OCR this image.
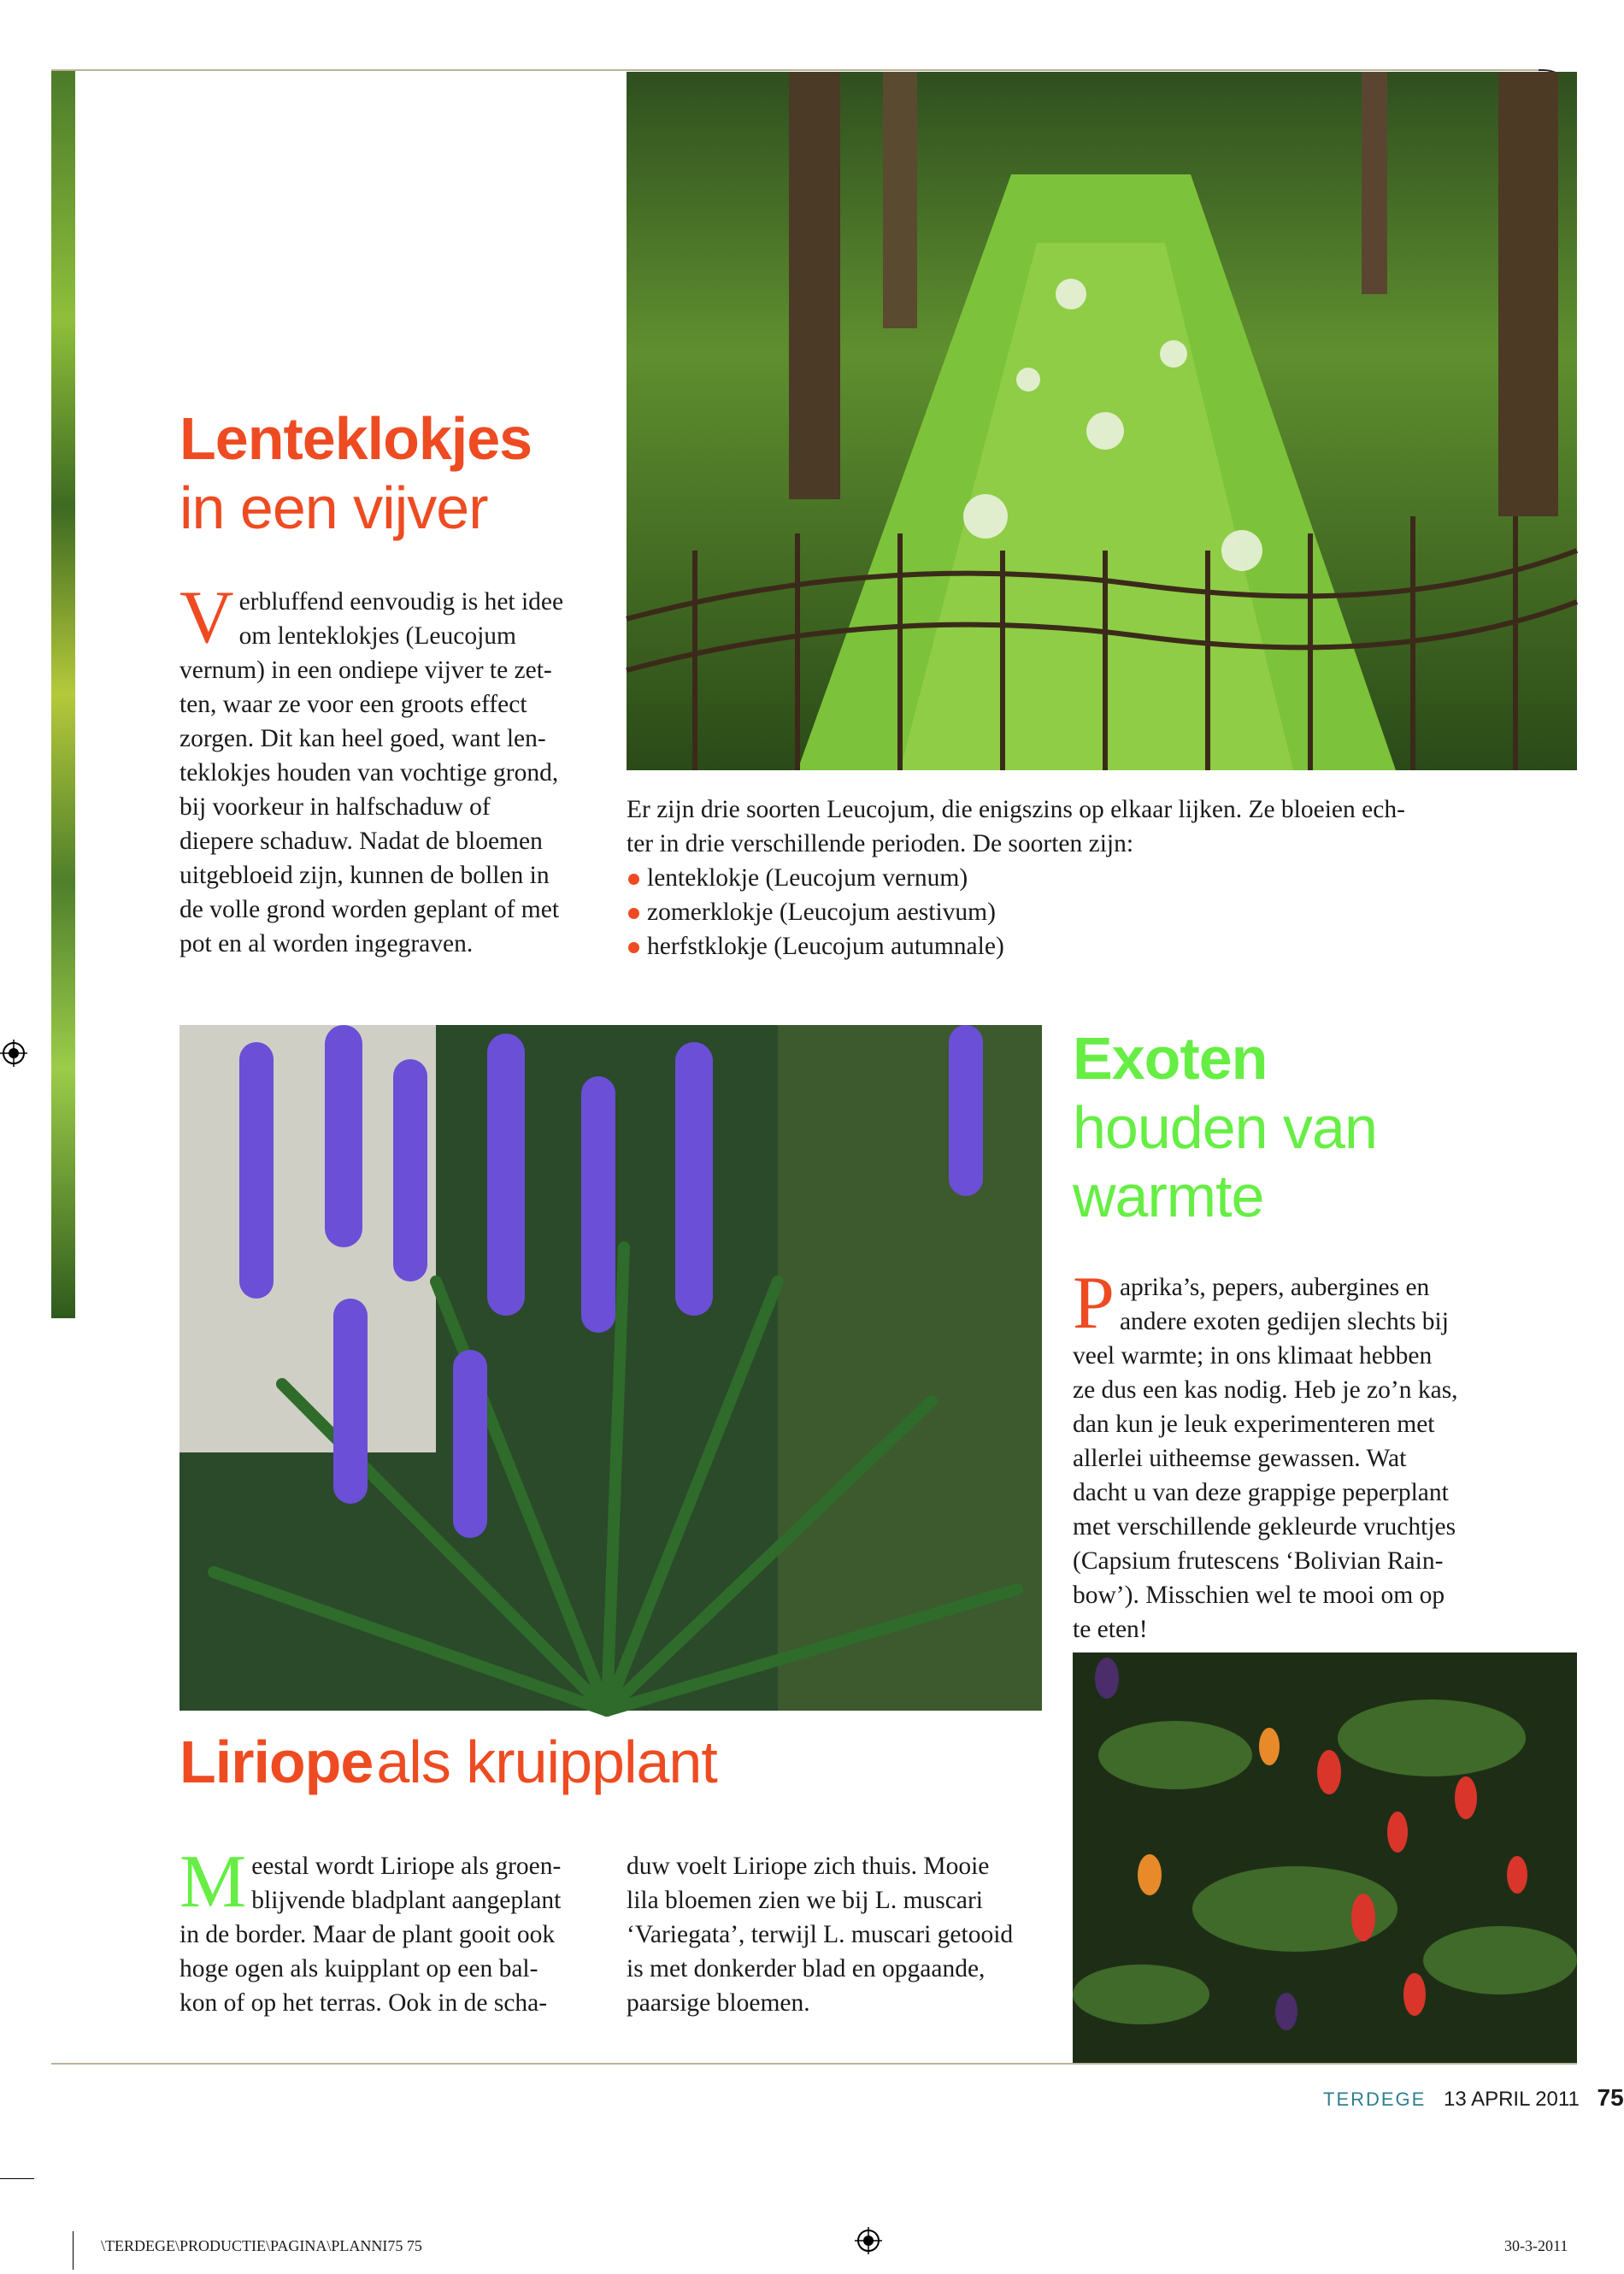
Lenteklokjes
in een vijver
V erbluffend eenvoudig is het idee
om lenteklokjes (Leucojum
vernum) in een ondiepe vijver te zet-
ten, waar ze voor een groots effect
zorgen. Dit kan heel goed, want len-
teklokjes houden van vochtige grond,
bij voorkeur in halfschaduw of
diepere schaduw. Nadat de bloemen
uitgebloeid zijn, kunnen de bollen in
de volle grond worden geplant of met
pot en al worden ingegraven.
Er zijn drie soorten Leucojum, die enigszins op elkaar lijken. Ze bloeien ech-
ter in drie verschillende perioden. De soorten zijn:
lenteklokje (Leucojum vernum)
zomerklokje (Leucojum aestivum)
herfstklokje (Leucojum autumnale)
Exoten
houden van
warmte
P aprika’s, pepers, aubergines en
andere exoten gedijen slechts bij
veel warmte; in ons klimaat hebben
ze dus een kas nodig. Heb je zo’n kas,
dan kun je leuk experimenteren met
allerlei uitheemse gewassen. Wat
dacht u van deze grappige peperplant
met verschillende gekleurde vruchtjes
(Capsium frutescens ‘Bolivian Rain-
bow’). Misschien wel te mooi om op
te eten!
Liriope als kruipplant
M eestal wordt Liriope als groen-
blijvende bladplant aangeplant
in de border. Maar de plant gooit ook
hoge ogen als kuipplant op een bal-
kon of op het terras. Ook in de scha-
duw voelt Liriope zich thuis. Mooie
lila bloemen zien we bij L. muscari
‘Variegata’, terwijl L. muscari getooid
is met donkerder blad en opgaande,
paarsige bloemen.
TERDEGE 13 APRIL 2011 75
\TERDEGE\PRODUCTIE\PAGINA\PLANNI75 75	30-3-2011
